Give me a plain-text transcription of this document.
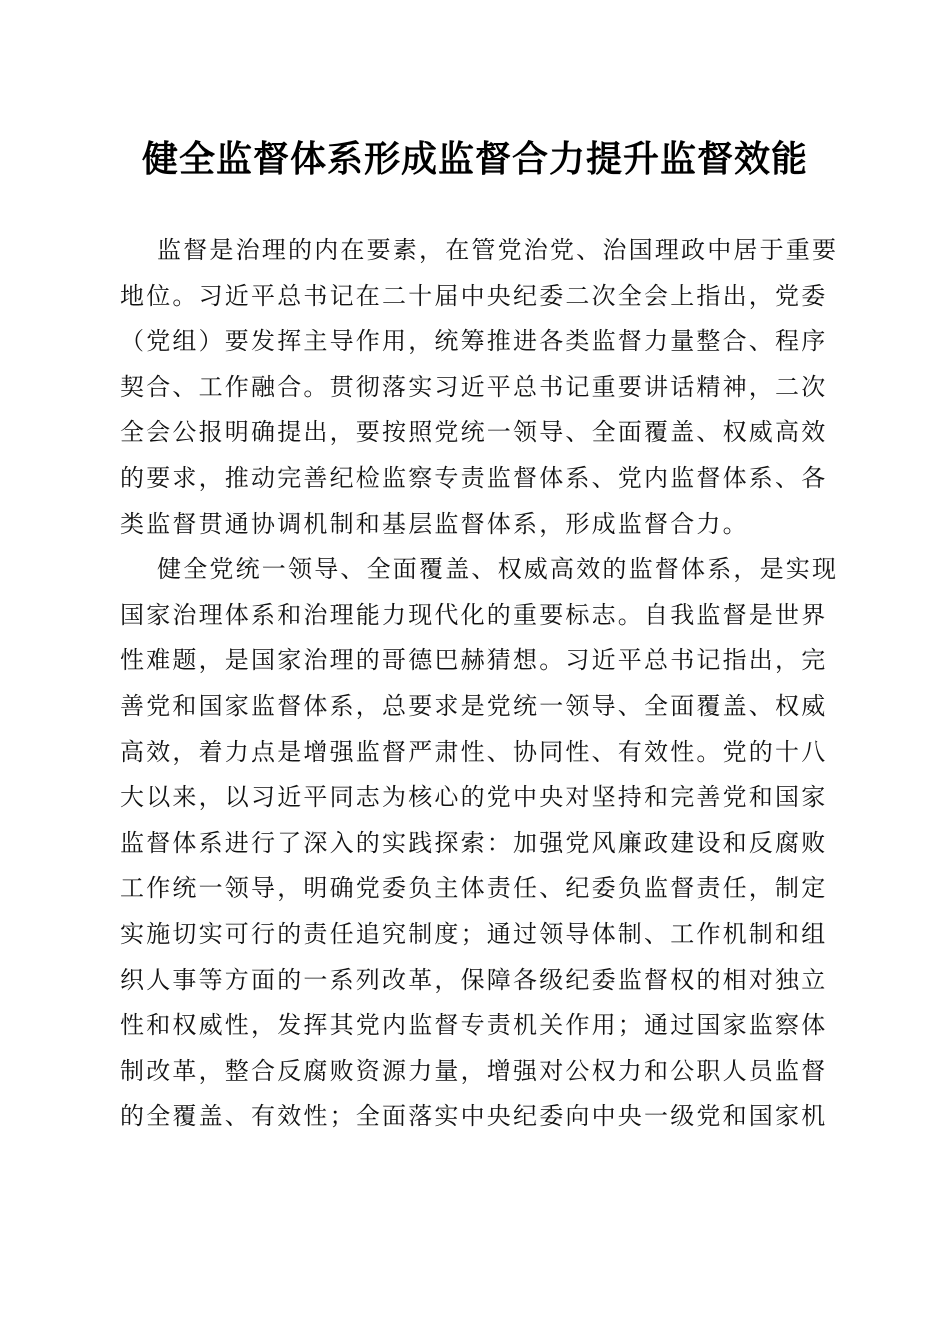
健全监督体系形成监督合力提升监督效能

监督是治理的内在要素，在管党治党、治国理政中居于重要
地位。习近平总书记在二十届中央纪委二次全会上指出，党委
（党组）要发挥主导作用，统筹推进各类监督力量整合、程序
契合、工作融合。贯彻落实习近平总书记重要讲话精神，二次
全会公报明确提出，要按照党统一领导、全面覆盖、权威高效
的要求，推动完善纪检监察专责监督体系、党内监督体系、各
类监督贯通协调机制和基层监督体系，形成监督合力。

健全党统一领导、全面覆盖、权威高效的监督体系，是实现
国家治理体系和治理能力现代化的重要标志。自我监督是世界
性难题，是国家治理的哥德巴赫猜想。习近平总书记指出，完
善党和国家监督体系，总要求是党统一领导、全面覆盖、权威
高效，着力点是增强监督严肃性、协同性、有效性。党的十八
大以来，以习近平同志为核心的党中央对坚持和完善党和国家
监督体系进行了深入的实践探索：加强党风廉政建设和反腐败
工作统一领导，明确党委负主体责任、纪委负监督责任，制定
实施切实可行的责任追究制度；通过领导体制、工作机制和组
织人事等方面的一系列改革，保障各级纪委监督权的相对独立
性和权威性，发挥其党内监督专责机关作用；通过国家监察体
制改革，整合反腐败资源力量，增强对公权力和公职人员监督
的全覆盖、有效性；全面落实中央纪委向中央一级党和国家机
